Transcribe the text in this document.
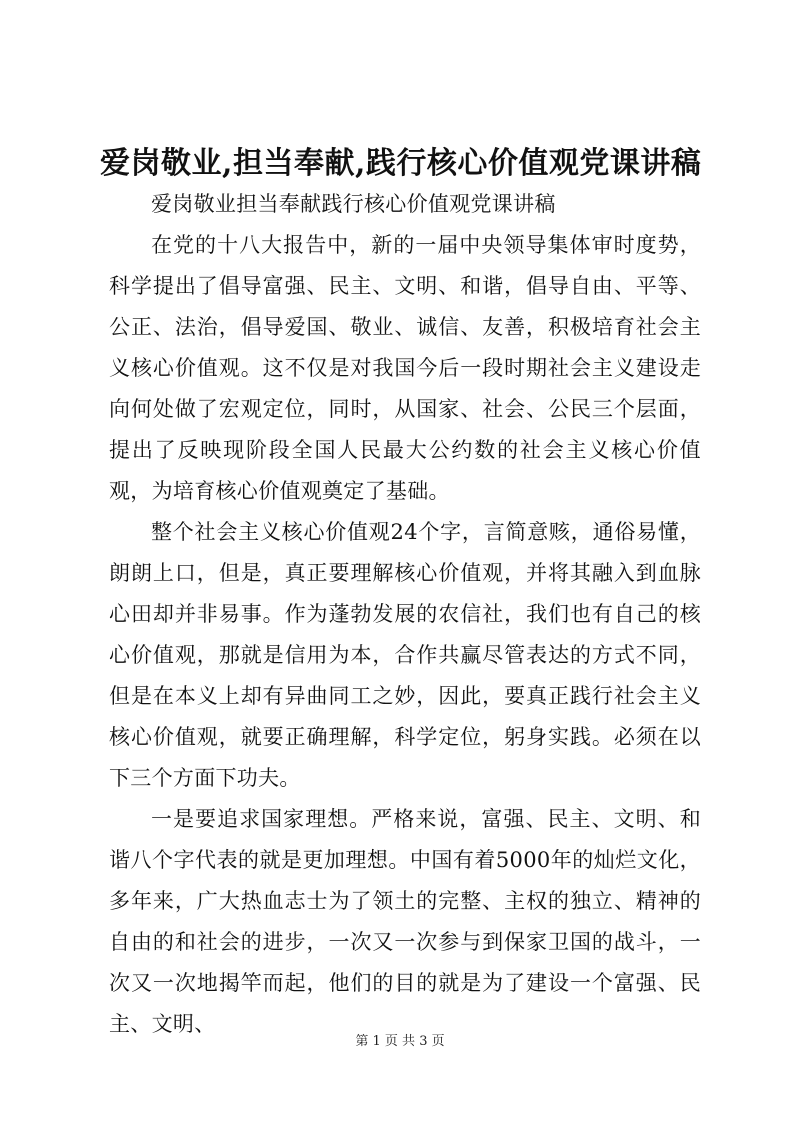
爱岗敬业,担当奉献,践行核心价值观党课讲稿

爱岗敬业担当奉献践行核心价值观党课讲稿

在党的十八大报告中，新的一届中央领导集体审时度势，科学提出了倡导富强、民主、文明、和谐，倡导自由、平等、公正、法治，倡导爱国、敬业、诚信、友善，积极培育社会主义核心价值观。这不仅是对我国今后一段时期社会主义建设走向何处做了宏观定位，同时，从国家、社会、公民三个层面，提出了反映现阶段全国人民最大公约数的社会主义核心价值观，为培育核心价值观奠定了基础。

整个社会主义核心价值观24个字，言简意赅，通俗易懂，朗朗上口，但是，真正要理解核心价值观，并将其融入到血脉心田却并非易事。作为蓬勃发展的农信社，我们也有自己的核心价值观，那就是信用为本，合作共赢尽管表达的方式不同，但是在本义上却有异曲同工之妙，因此，要真正践行社会主义核心价值观，就要正确理解，科学定位，躬身实践。必须在以下三个方面下功夫。

一是要追求国家理想。严格来说，富强、民主、文明、和谐八个字代表的就是更加理想。中国有着5000年的灿烂文化，多年来，广大热血志士为了领土的完整、主权的独立、精神的自由的和社会的进步，一次又一次参与到保家卫国的战斗，一次又一次地揭竿而起，他们的目的就是为了建设一个富强、民主、文明、

第 1 页 共 3 页
